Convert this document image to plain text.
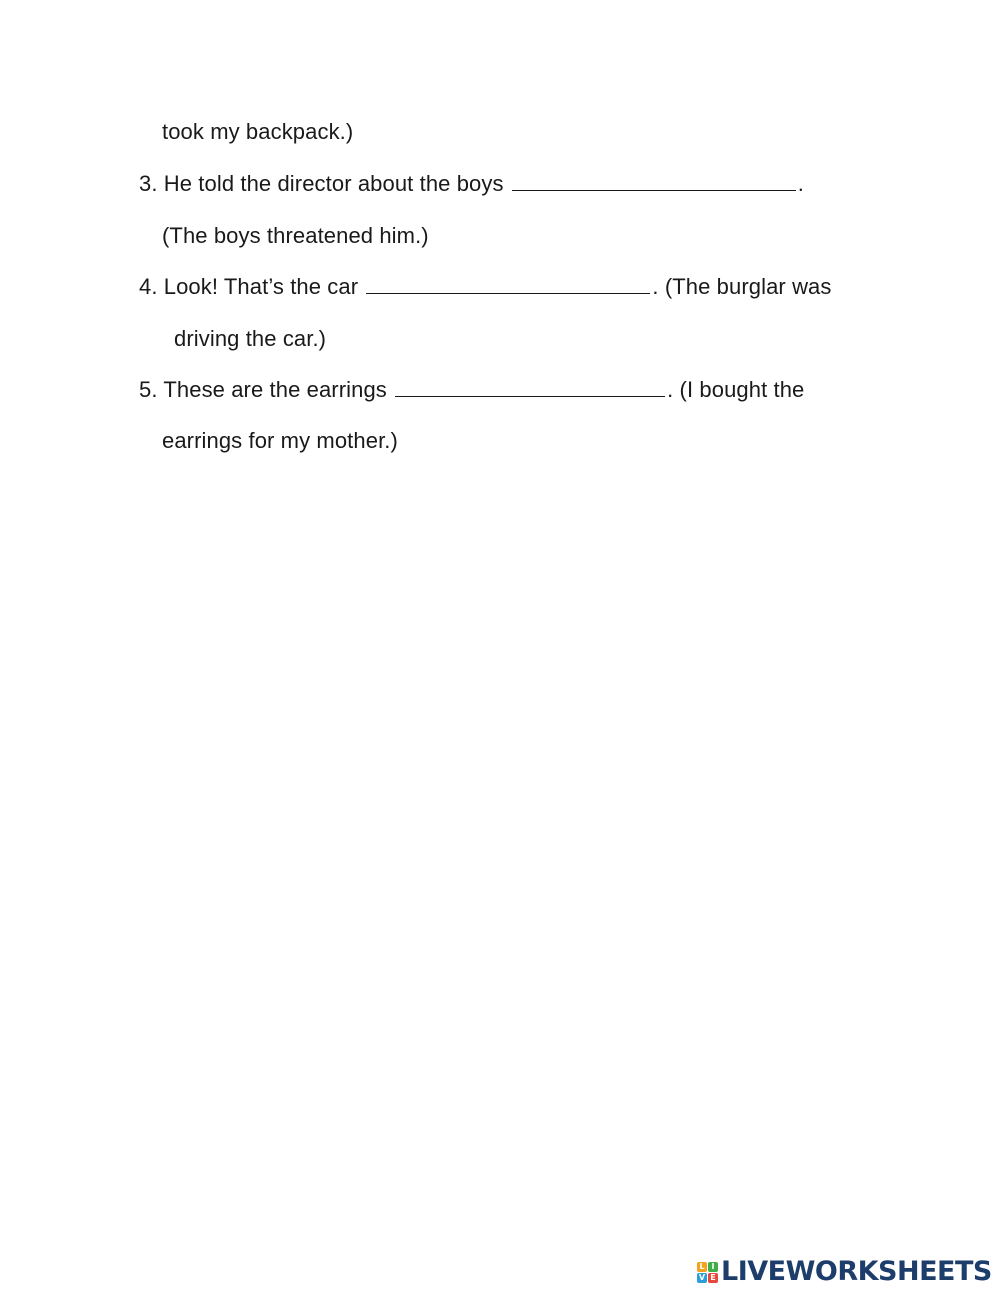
took my backpack.)
3. He told the director about the boys	.
(The boys threatened him.)
4. Look! That’s the car	. (The burglar was
driving the car.)
5. These are the earrings	. (I bought the
earrings for my mother.)
L I
V E LIVEWORKSHEETS
